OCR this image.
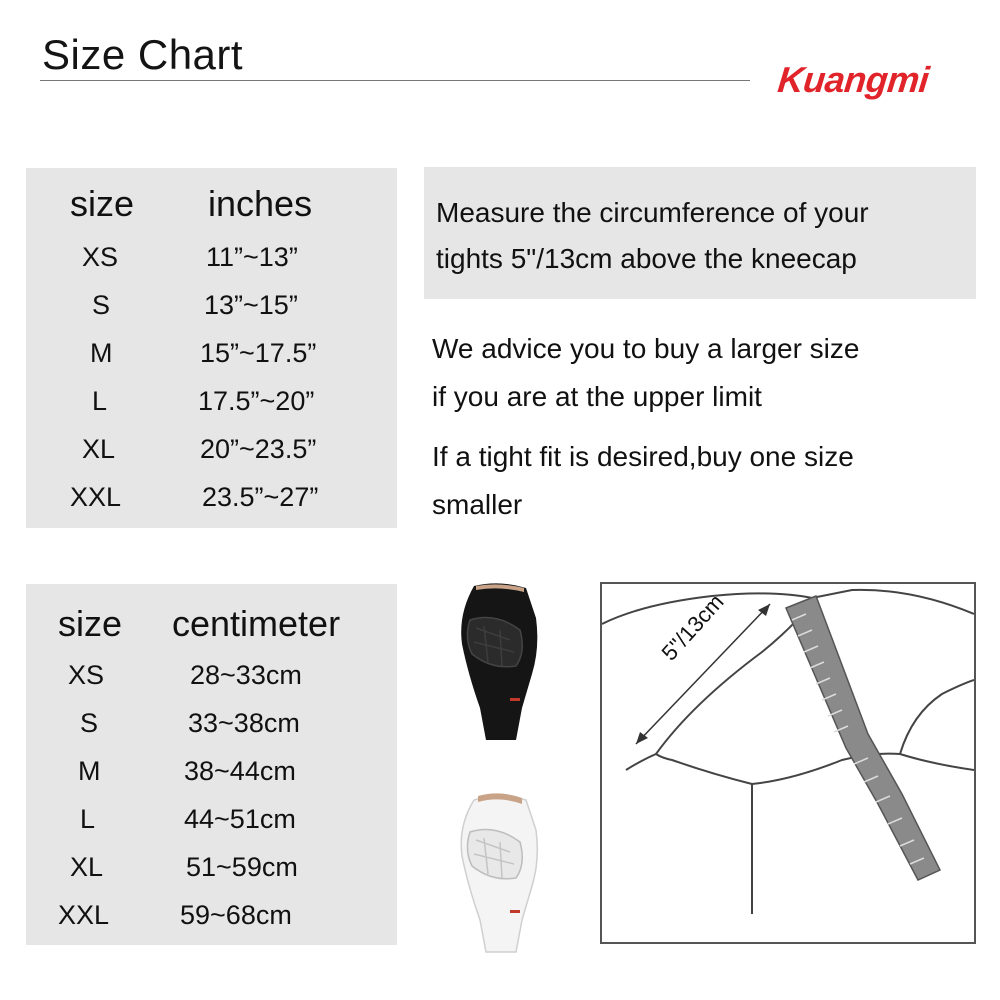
Size Chart
Kuangmi
size inches
XS	11”~13”
S	13”~15”
M	15”~17.5”
L	17.5”~20”
XL	20”~23.5”
XXL	23.5”~27”
size centimeter
XS	28~33cm
S	33~38cm
M	38~44cm
L	44~51cm
XL	51~59cm
XXL	59~68cm
Measure the circumference of your
tights 5"/13cm above the kneecap
We advice you to buy a larger size
if you are at the upper limit
If a tight fit is desired,buy one size
smaller
5"/13cm
